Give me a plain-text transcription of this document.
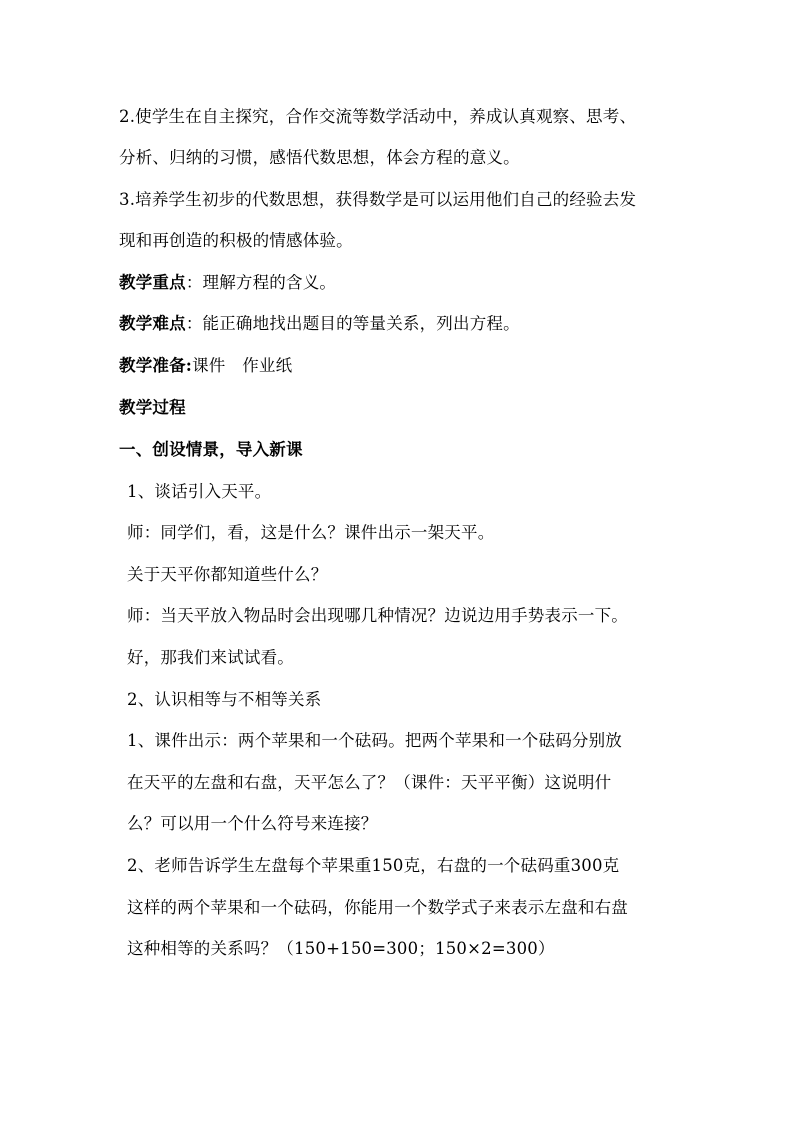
2.使学生在自主探究，合作交流等数学活动中，养成认真观察、思考、
分析、归纳的习惯，感悟代数思想，体会方程的意义。
3.培养学生初步的代数思想，获得数学是可以运用他们自己的经验去发
现和再创造的积极的情感体验。
教学重点：理解方程的含义。
教学难点：能正确地找出题目的等量关系，列出方程。
教学准备:课件　作业纸
教学过程
一、创设情景，导入新课
1、谈话引入天平。
师：同学们，看，这是什么？课件出示一架天平。
关于天平你都知道些什么？
师：当天平放入物品时会出现哪几种情况？边说边用手势表示一下。
好，那我们来试试看。
2、认识相等与不相等关系
1、课件出示：两个苹果和一个砝码。把两个苹果和一个砝码分别放
在天平的左盘和右盘，天平怎么了？（课件：天平平衡）这说明什
么？可以用一个什么符号来连接？
2、老师告诉学生左盘每个苹果重150克，右盘的一个砝码重300克
这样的两个苹果和一个砝码，你能用一个数学式子来表示左盘和右盘
这种相等的关系吗？（150+150=300；150×2=300）
